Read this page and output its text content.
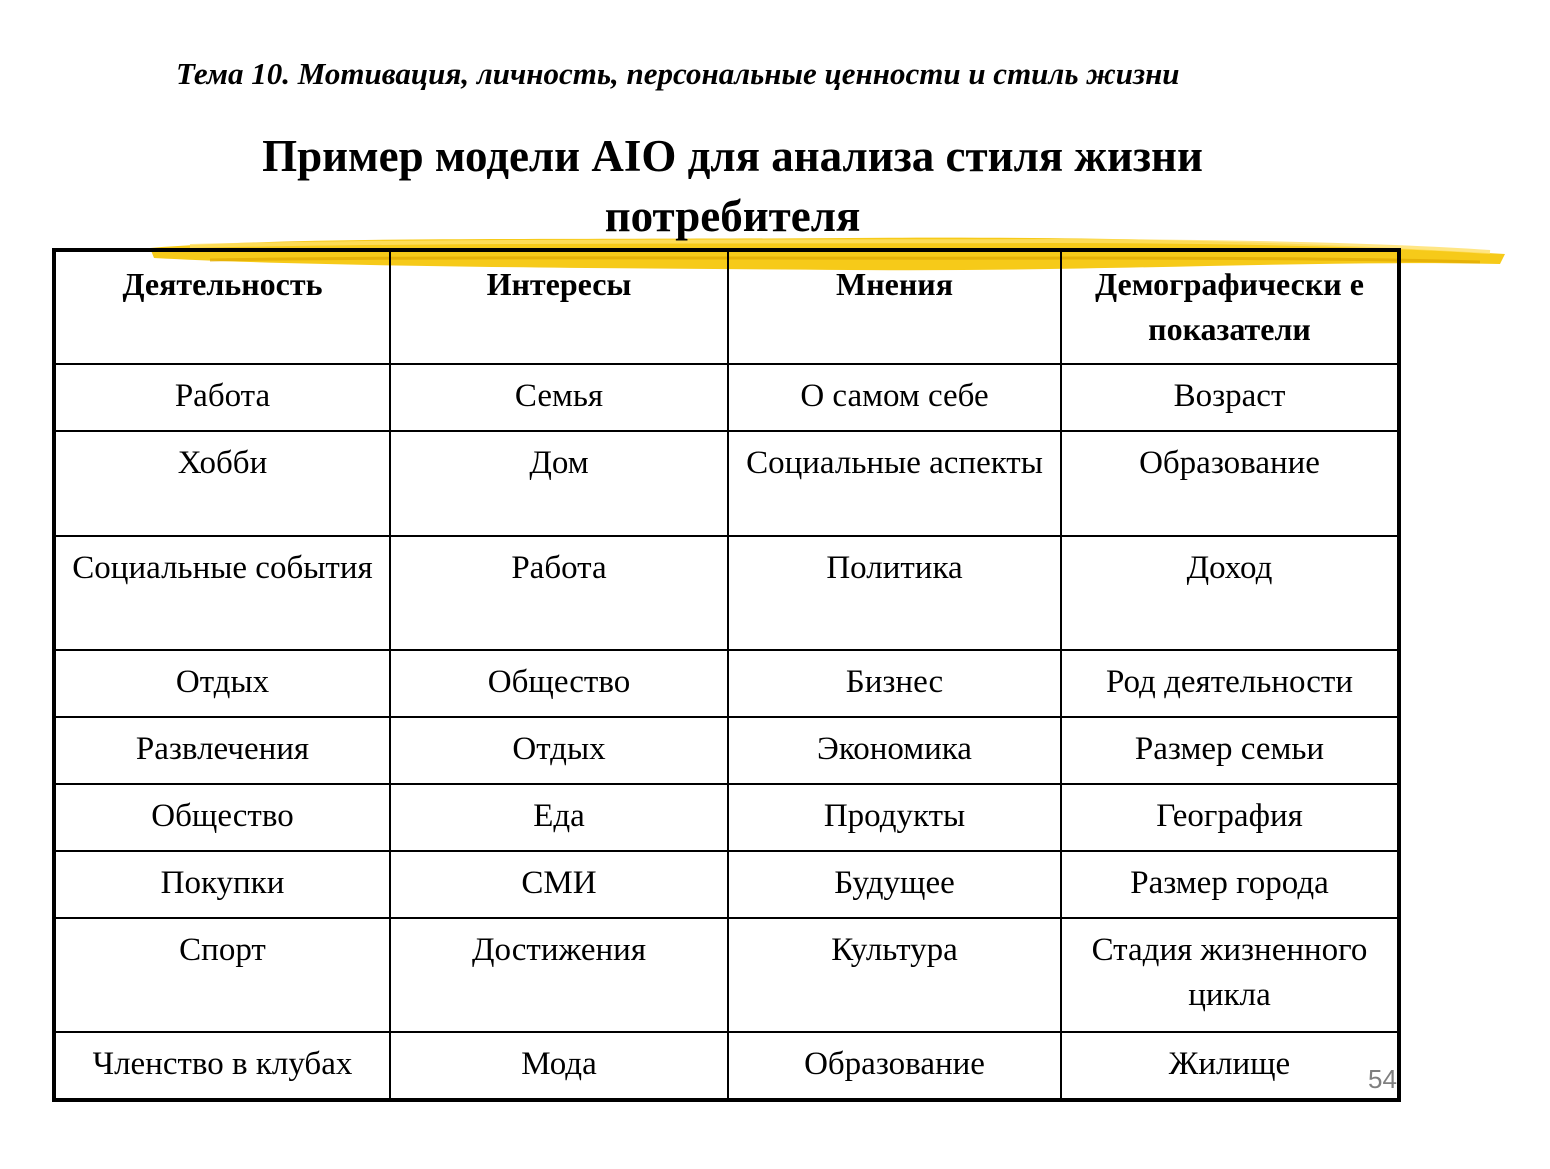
Тема 10. Мотивация, личность, персональные ценности и стиль жизни
Пример модели AIO для анализа стиля жизни
потребителя
Деятельность	Интересы	Мнения	Демографически е показатели
Работа	Семья	О самом себе	Возраст
Хобби	Дом	Социальные аспекты	Образование
Социальные события	Работа	Политика	Доход
Отдых	Общество	Бизнес	Род деятельности
Развлечения	Отдых	Экономика	Размер семьи
Общество	Еда	Продукты	География
Покупки	СМИ	Будущее	Размер города
Спорт	Достижения	Культура	Стадия жизненного цикла
Членство в клубах	Мода	Образование	Жилище	54
